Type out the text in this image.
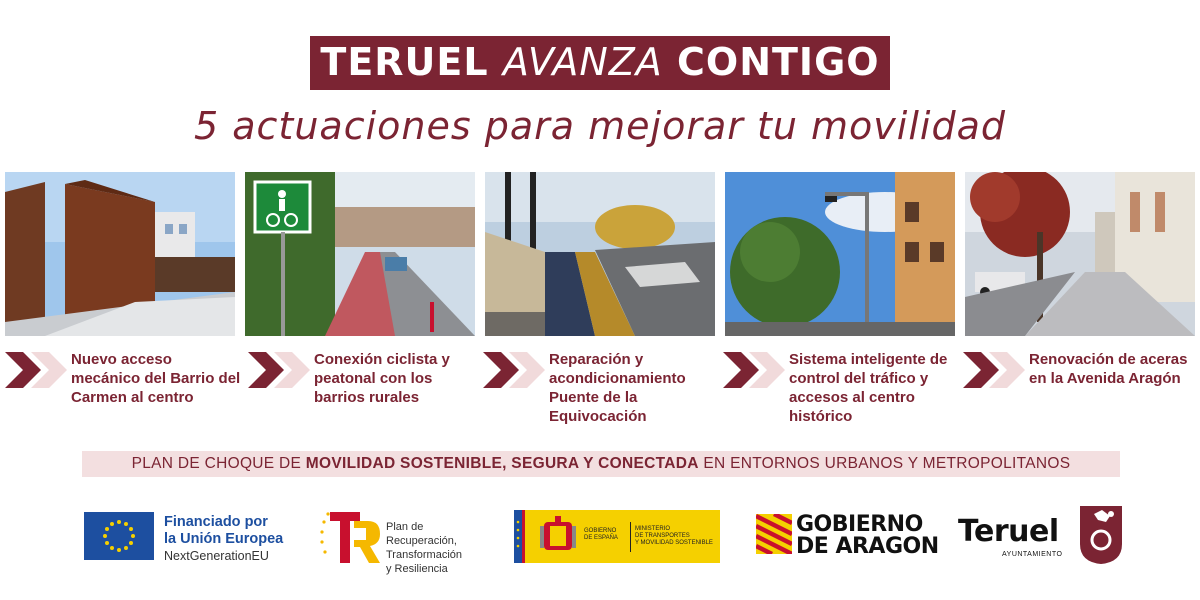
TERUEL AVANZA CONTIGO
5 actuaciones para mejorar tu movilidad
Nuevo acceso mecánico del Barrio del Carmen al centro
Conexión ciclista y peatonal con los barrios rurales
Reparación y acondicionamiento Puente de la Equivocación
Sistema inteligente de control del tráfico y accesos al centro histórico
Renovación de aceras en la Avenida Aragón
PLAN DE CHOQUE DE MOVILIDAD SOSTENIBLE, SEGURA Y CONECTADA EN ENTORNOS URBANOS Y METROPOLITANOS
Financiado por
la Unión Europea
NextGenerationEU
Plan de
Recuperación,
Transformación
y Resiliencia
GOBIERNO
DE ESPAÑA
MINISTERIO
DE TRANSPORTES
Y MOVILIDAD SOSTENIBLE
GOBIERNO
DE ARAGON Teruel
AYUNTAMIENTO
